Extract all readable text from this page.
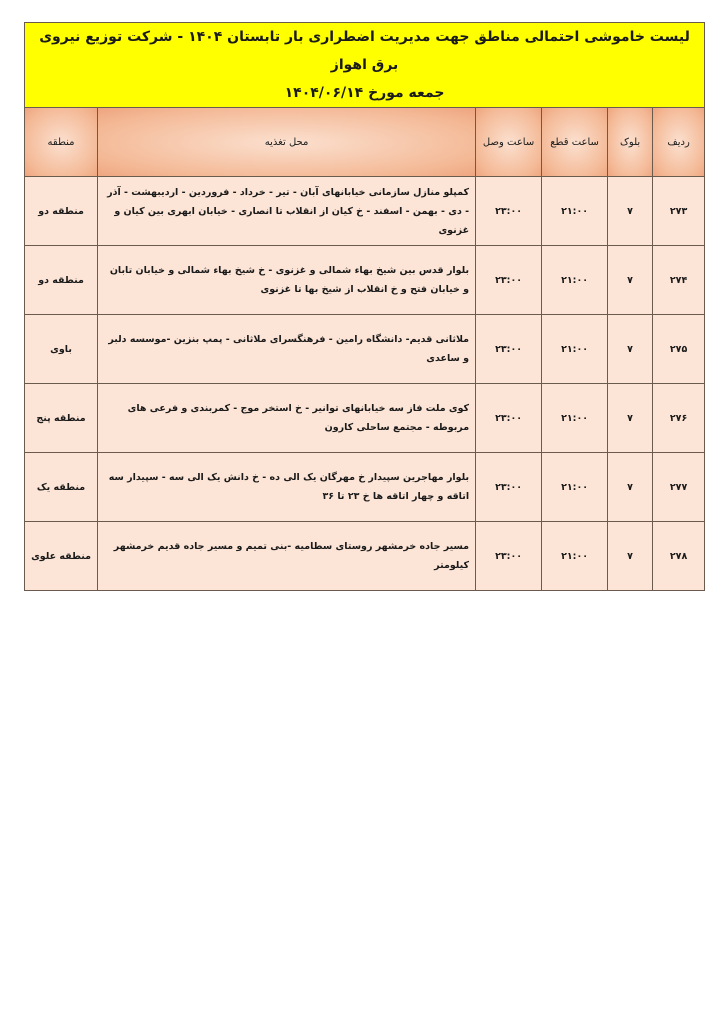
لیست خاموشی احتمالی مناطق جهت مدیریت اضطراری بار تابستان ۱۴۰۴ - شرکت توزیع نیروی برق اهواز
جمعه مورخ ۱۴۰۴/۰۶/۱۴					

ردیف	بلوک	ساعت قطع	ساعت وصل	محل تغذیه	منطقه
۲۷۳	۷	۲۱:۰۰	۲۳:۰۰	کمپلو منازل سازمانی خیابانهای آبان - تیر - خرداد - فروردین - اردیبهشت - آذر - دی - بهمن - اسفند - خ کیان از انقلاب تا انصاری - خیابان ابهری بین کیان و غزنوی	منطقه دو
۲۷۴	۷	۲۱:۰۰	۲۳:۰۰	بلوار قدس بین شیخ بهاء شمالی و غزنوی - خ شیخ بهاء شمالی و خیابان تابان و خیابان فتح و خ انقلاب از شیخ بها تا غزنوی	منطقه دو
۲۷۵	۷	۲۱:۰۰	۲۳:۰۰	ملاثانی قدیم- دانشگاه رامین - فرهنگسرای ملاثانی - پمپ بنزین -موسسه دلبر و ساعدی	باوی
۲۷۶	۷	۲۱:۰۰	۲۳:۰۰	کوی ملت فاز سه خیابانهای توانیر - خ استخر موج - کمربندی و فرعی های مربوطه - مجتمع ساحلی کارون	منطقه پنج
۲۷۷	۷	۲۱:۰۰	۲۳:۰۰	بلوار مهاجرین سپیدار خ مهرگان یک الی ده - خ دانش یک الی سه - سپیدار سه اتاقه و چهار اتاقه ها خ ۲۳ تا ۳۶	منطقه یک
۲۷۸	۷	۲۱:۰۰	۲۳:۰۰	مسیر جاده خرمشهر روستای سطامیه -بنی تمیم و مسیر جاده قدیم خرمشهر کیلومتر	منطقه علوی
